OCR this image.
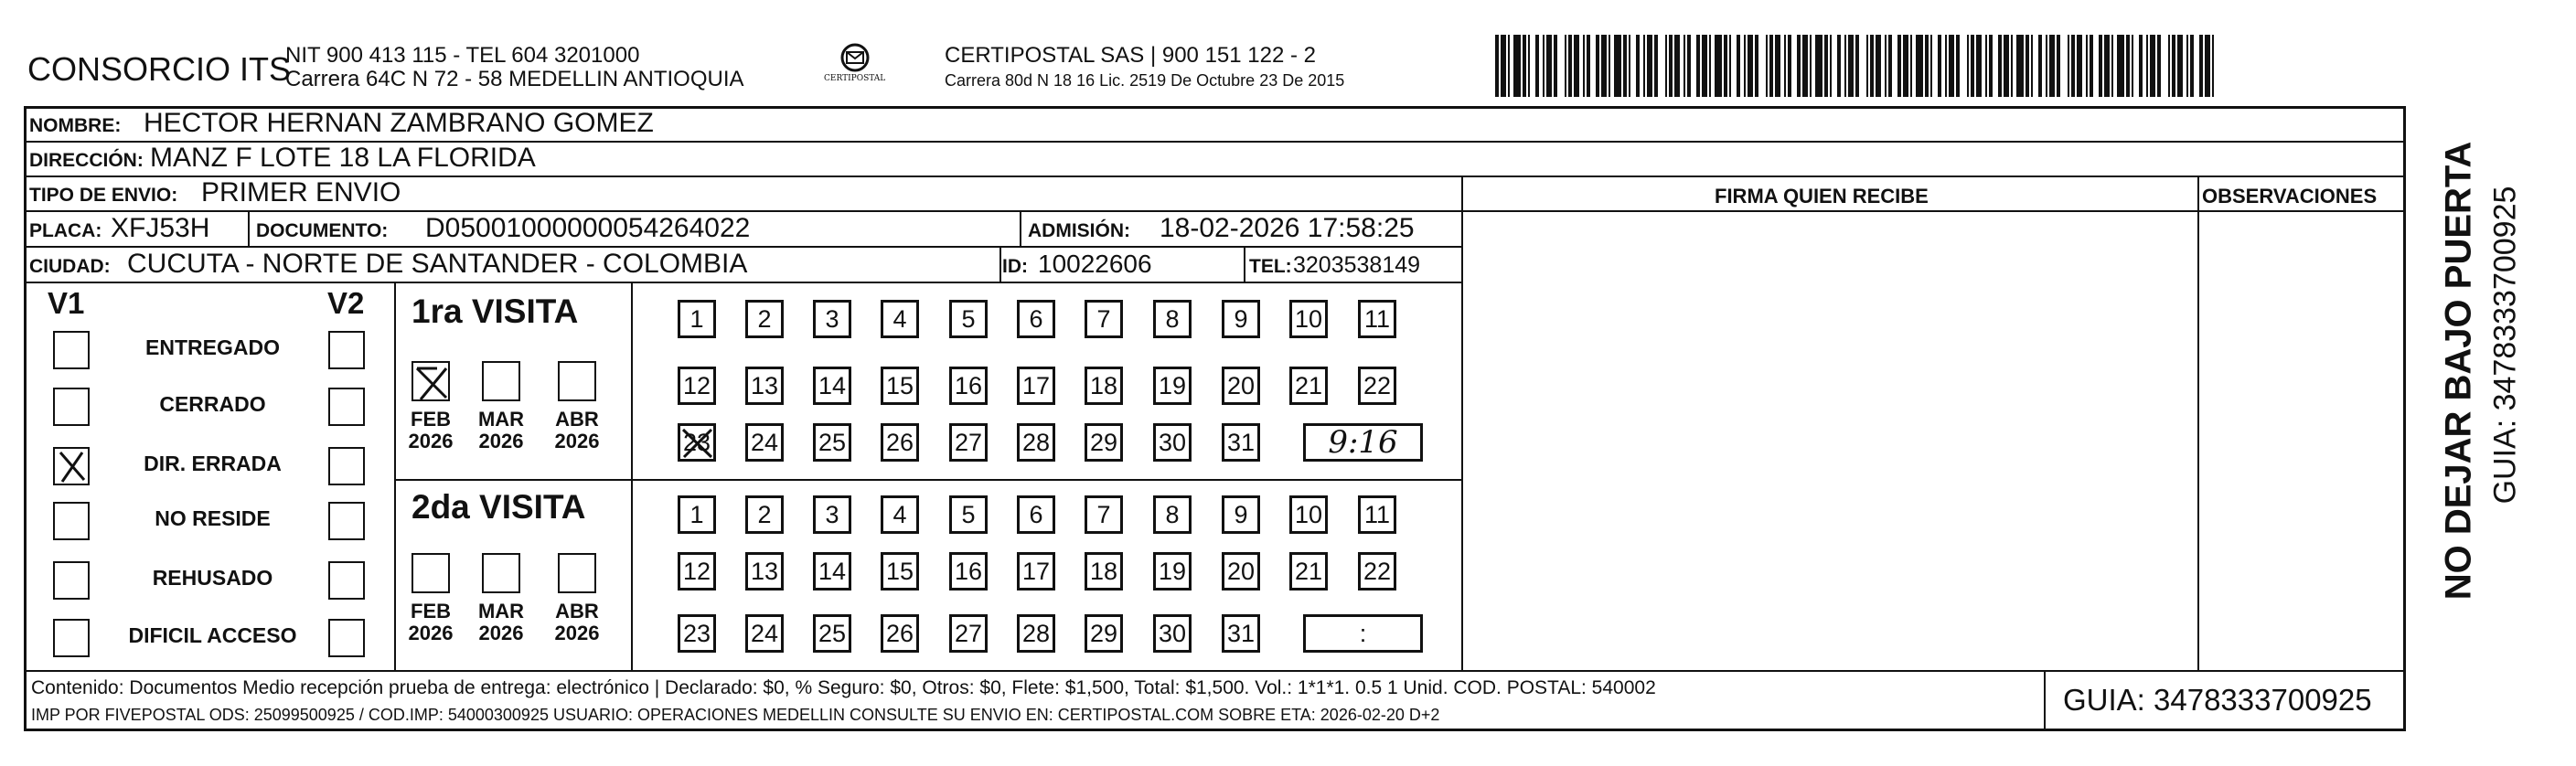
CONSORCIO ITS
NIT 900 413 115 - TEL 604 3201000
Carrera 64C N 72 - 58 MEDELLIN ANTIOQUIA	CERTIPOSTAL
CERTIPOSTAL SAS | 900 151 122 - 2
Carrera 80d N 18 16 Lic. 2519 De Octubre 23 De 2015
NOMBRE: HECTOR HERNAN ZAMBRANO GOMEZ
DIRECCIÓN: MANZ F LOTE 18 LA FLORIDA
TIPO DE ENVIO: PRIMER ENVIO	FIRMA QUIEN RECIBE	OBSERVACIONES
PLACA: XFJ53H DOCUMENTO: D05001000000054264022	ADMISIÓN: 18-02-2026 17:58:25
CIUDAD: CUCUTA - NORTE DE SANTANDER - COLOMBIA	ID: 10022606	TEL: 3203538149
V1	V2
ENTREGADO
CERRADO
DIR. ERRADA
NO RESIDE
REHUSADO
DIFICIL ACCESO
1ra VISITA
2da VISITA
FEB
2026
MAR
2026
ABR
2026
FEB
2026
MAR
2026
ABR
2026
1	2	3	4	5	6	7	8	9	10 11
12 13 14 15 16 17 18 19 20 21 22
23 24 25 26 27 28 29 30 31	9:16
1	2	3	4	5	6	7	8	9	10 11
12 13 14 15 16 17 18 19 20 21 22
23 24 25 26 27 28 29 30 31	:
NO DEJAR BAJO PUERTA GUIA: 3478333700925
Contenido: Documentos Medio recepción prueba de entrega: electrónico | Declarado: $0, % Seguro: $0, Otros: $0, Flete: $1,500, Total: $1,500. Vol.: 1*1*1. 0.5 1 Unid. COD. POSTAL: 540002
IMP POR FIVEPOSTAL ODS: 25099500925 / COD.IMP: 54000300925 USUARIO: OPERACIONES MEDELLIN CONSULTE SU ENVIO EN: CERTIPOSTAL.COM SOBRE ETA: 2026-02-20 D+2	GUIA: 3478333700925
